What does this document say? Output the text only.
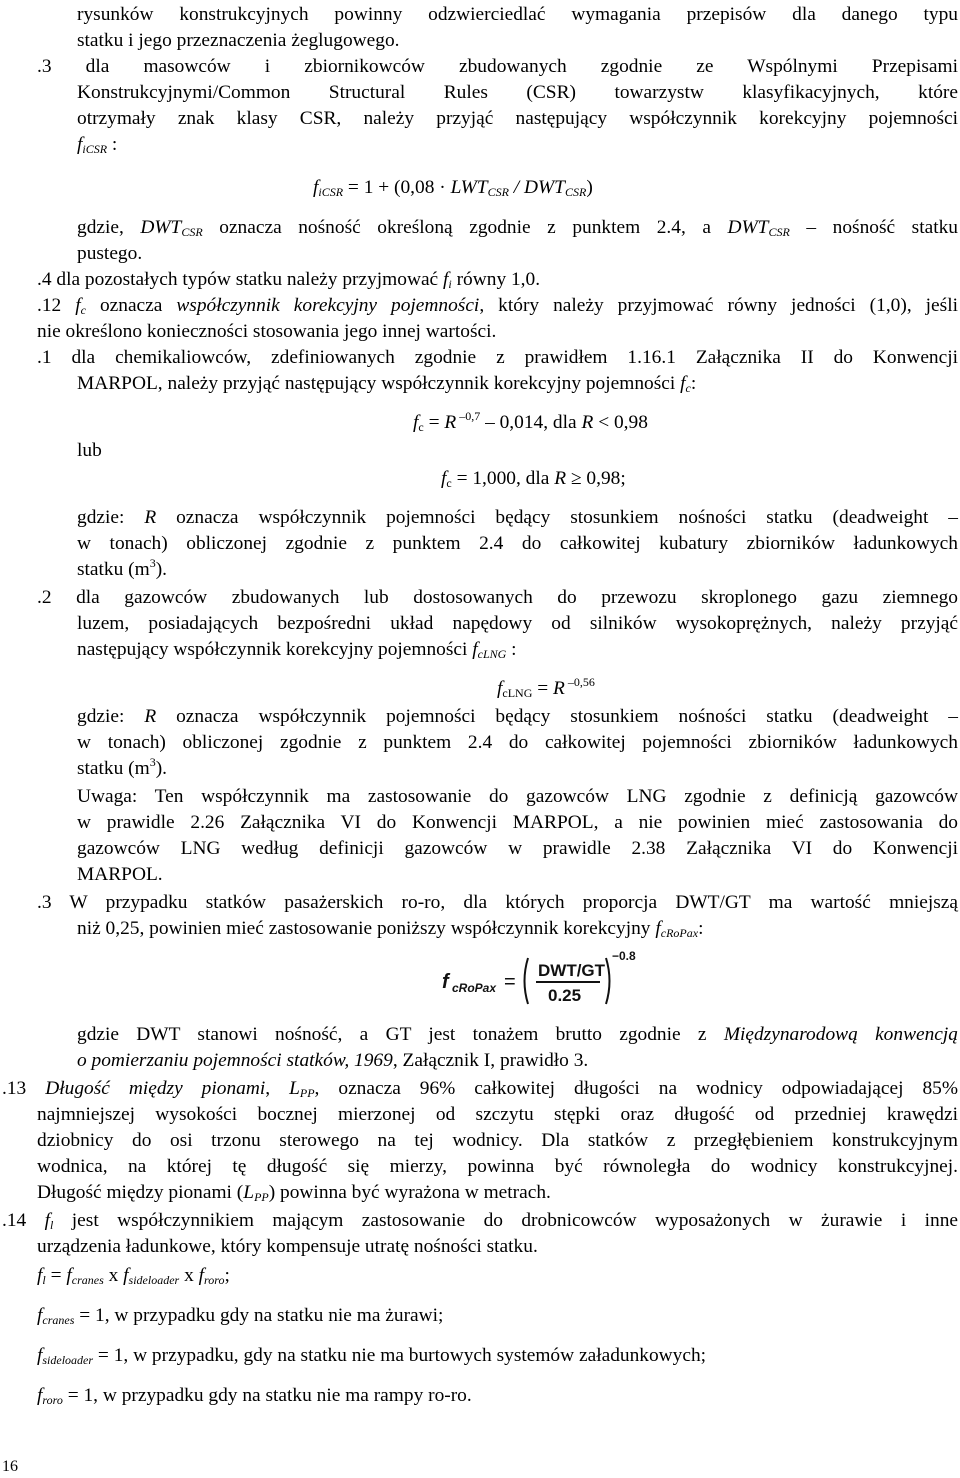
rysunków konstrukcyjnych powinny odzwierciedlać wymagania przepisów dla danego typu
statku i jego przeznaczenia żeglugowego.
.3 dla masowców i zbiornikowców zbudowanych zgodnie ze Wspólnymi Przepisami
Konstrukcyjnymi/Common Structural Rules (CSR) towarzystw klasyfikacyjnych, które
otrzymały znak klasy CSR, należy przyjąć następujący współczynnik korekcyjny pojemności
$f_{iCSR}$ :
$f_{iCSR} = 1 + (0,08 \cdot LWT_{CSR} / DWT_{CSR})$
gdzie, $DWT_{CSR}$ oznacza nośność określoną zgodnie z punktem 2.4, a $DWT_{CSR}$ – nośność statku
pustego.
.4 dla pozostałych typów statku należy przyjmować $f_i$ równy 1,0.
.12 $f_c$ oznacza współczynnik korekcyjny pojemności, który należy przyjmować równy jedności (1,0), jeśli
nie określono konieczności stosowania jego innej wartości.
.1 dla chemikaliowców, zdefiniowanych zgodnie z prawidłem 1.16.1 Załącznika II do Konwencji
MARPOL, należy przyjąć następujący współczynnik korekcyjny pojemności $f_c$:
$f_c = R$ $^{-0,7}$ – 0,014, dla R < 0,98
lub
$f_c = 1,000$, dla R ≥ 0,98;
gdzie: R oznacza współczynnik pojemności będący stosunkiem nośności statku (deadweight –
w tonach) obliczonej zgodnie z punktem 2.4 do całkowitej kubatury zbiorników ładunkowych
statku $(m^3)$.
.2 dla gazowców zbudowanych lub dostosowanych do przewozu skroplonego gazu ziemnego
luzem, posiadających bezpośredni układ napędowy od silników wysokoprężnych, należy przyjąć
następujący współczynnik korekcyjny pojemności $f_{cLNG}$ :
$f_{cLNG} = R$ $^{-0,56}$
gdzie: R oznacza współczynnik pojemności będący stosunkiem nośności statku (deadweight –
w tonach) obliczonej zgodnie z punktem 2.4 do całkowitej pojemności zbiorników ładunkowych
statku $(m^3)$.
Uwaga: Ten współczynnik ma zastosowanie do gazowców LNG zgodnie z definicją gazowców
w prawidle 2.26 Załącznika VI do Konwencji MARPOL, a nie powinien mieć zastosowania do
gazowców LNG według definicji gazowców w prawidle 2.38 Załącznika VI do Konwencji
MARPOL.
.3 W przypadku statków pasażerskich ro-ro, dla których proporcja DWT/GT ma wartość mniejszą
niż 0,25, powinien mieć zastosowanie poniższy współczynnik korekcyjny $f_{cRoPax}$:
f cRoPax =
DWT/GT
0.25
−0.8
gdzie DWT stanowi nośność, a GT jest tonażem brutto zgodnie z Międzynarodową konwencją
o pomierzaniu pojemności statków, 1969, Załącznik I, prawidło 3.
.13 Długość między pionami, $L_{PP}$, oznacza 96% całkowitej długości na wodnicy odpowiadającej 85%
najmniejszej wysokości bocznej mierzonej od szczytu stępki oraz długość od przedniej krawędzi
dziobnicy do osi trzonu sterowego na tej wodnicy. Dla statków z przegłębieniem konstrukcyjnym
wodnica, na której tę długość się mierzy, powinna być równoległa do wodnicy konstrukcyjnej.
Długość między pionami $(L_{PP})$ powinna być wyrażona w metrach.
.14 $f_l$ jest współczynnikiem mającym zastosowanie do drobnicowców wyposażonych w żurawie i inne
urządzenia ładunkowe, który kompensuje utratę nośności statku.
$f_l = f_{cranes}$ x $f_{sideloader}$ x $f_{roro}$;
$f_{cranes} = 1$, w przypadku gdy na statku nie ma żurawi;
$f_{sideloader} = 1$, w przypadku, gdy na statku nie ma burtowych systemów załadunkowych;
$f_{roro} = 1$, w przypadku gdy na statku nie ma rampy ro-ro.
16
